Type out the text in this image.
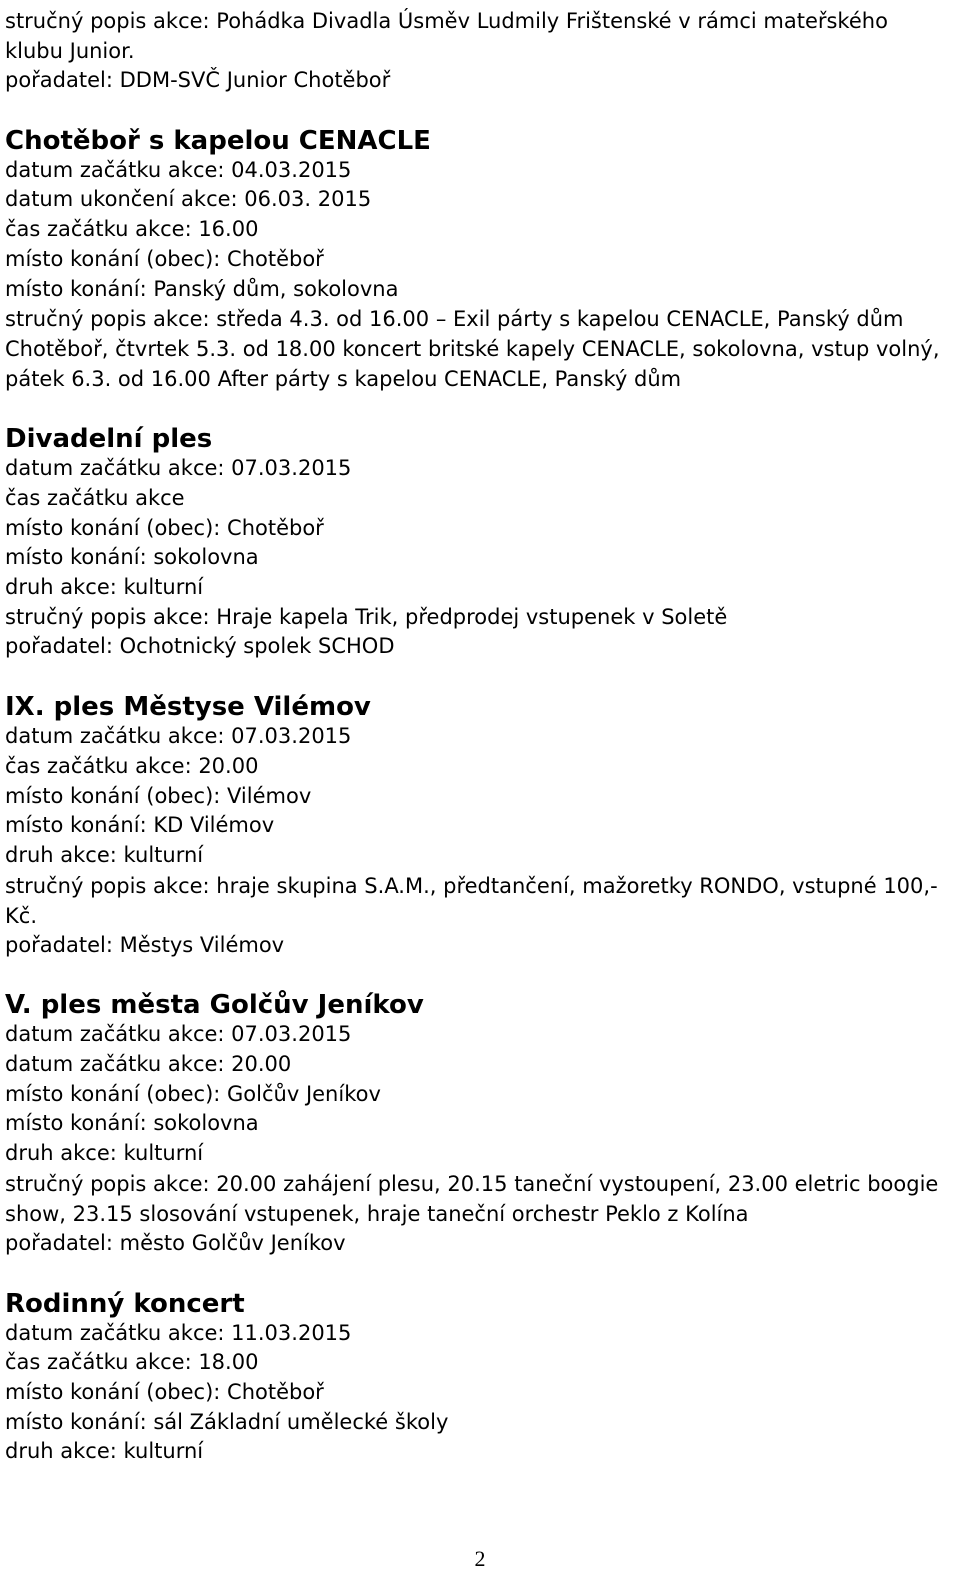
stručný popis akce: Pohádka Divadla Úsměv Ludmily Frištenské v rámci mateřského klubu Junior.
pořadatel: DDM-SVČ Junior Chotěboř
Chotěboř s kapelou CENACLE
datum začátku akce: 04.03.2015
datum ukončení akce: 06.03. 2015
čas začátku akce: 16.00
místo konání (obec): Chotěboř
místo konání: Panský dům, sokolovna
stručný popis akce: středa 4.3. od 16.00 – Exil párty s kapelou CENACLE, Panský dům Chotěboř, čtvrtek 5.3. od 18.00 koncert britské kapely CENACLE, sokolovna, vstup volný, pátek 6.3. od 16.00 After párty s kapelou CENACLE, Panský dům
Divadelní ples
datum začátku akce: 07.03.2015
čas začátku akce
místo konání (obec): Chotěboř
místo konání: sokolovna
druh akce: kulturní
stručný popis akce: Hraje kapela Trik, předprodej vstupenek v Soletě
pořadatel: Ochotnický spolek SCHOD
IX. ples Městyse Vilémov
datum začátku akce: 07.03.2015
čas začátku akce: 20.00
místo konání (obec): Vilémov
místo konání: KD Vilémov
druh akce: kulturní
stručný popis akce: hraje skupina S.A.M., předtančení, mažoretky RONDO, vstupné 100,- Kč.
pořadatel: Městys Vilémov
V. ples města Golčův Jeníkov
datum začátku akce: 07.03.2015
datum začátku akce: 20.00
místo konání (obec): Golčův Jeníkov
místo konání: sokolovna
druh akce: kulturní
stručný popis akce: 20.00 zahájení plesu, 20.15 taneční vystoupení, 23.00 eletric boogie show, 23.15 slosování vstupenek, hraje taneční orchestr Peklo z Kolína
pořadatel: město Golčův Jeníkov
Rodinný koncert
datum začátku akce: 11.03.2015
čas začátku akce: 18.00
místo konání (obec): Chotěboř
místo konání: sál Základní umělecké školy
druh akce: kulturní
2
